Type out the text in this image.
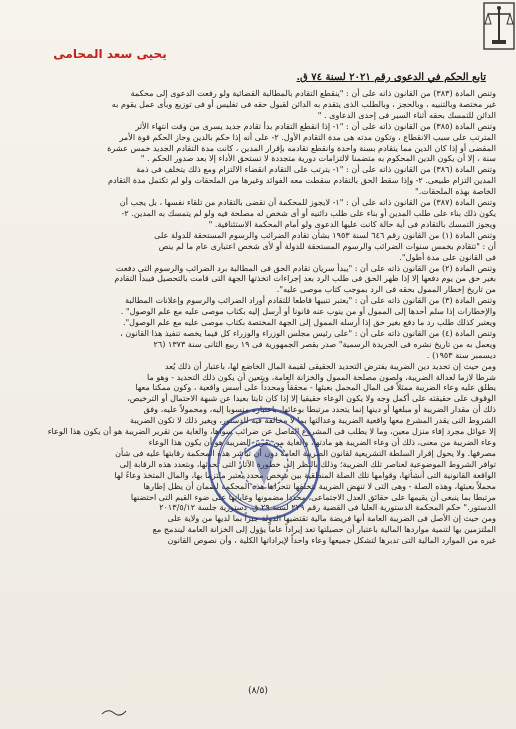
يحيى سعد المحامى
تابع الحكم في الدعوى رقم ٢٠٢١ لسنة ٧٤ ق.
وتنص المادة (٣٨٣) من القانون ذاته على أن : "ينقطع التقادم بالمطالبة القضائية ولو رفعت الدعوى إلى محكمة
غير مختصة وبالتنبيه ، وبالحجز ، وبالطلب الذى يتقدم به الدائن لقبول حقه فى تفليس أو فى توزيع وبأى عمل يقوم به
الدائن للتمسك بحقه أثناء السير فى إحدى الدعاوى . "
وتنص المادة (٣٨٥) من القانون ذاته على أن : "١- إذا انقطع التقادم بدأ تقادم جديد يسرى من وقت انتهاء الأثر
المترتب على سبب الانقطاع ، وتكون مدته هى مدة التقادم الأول. ٢- على أنه إذا حكم بالدين وحاز الحكم قوة الأمر
المقضى أو إذا كان الدين مما يتقادم بسنة واحدة وانقطع تقادمه بإقرار المدين ، كانت مدة التقادم الجديد خمس عشرة
سنة ، إلا أن يكون الدين المحكوم به متضمنا لالتزامات دورية متجددة لا تستحق الأداء إلا بعد صدور الحكم . "
وتنص المادة (٣٨٦) من القانون ذاته على أن : "١- يترتب على التقادم انقضاء الالتزام ومع ذلك يتخلف فى ذمة
المدين التزام طبيعى. ٢- وإذا سقط الحق بالتقادم سقطت معه الفوائد وغيرها من الملحقات ولو لم تكتمل مدة التقادم
الخاصة بهذه الملحقات."
وتنص المادة (٣٨٧) من القانون ذاته على أن : "١- لايجوز للمحكمة أن تقضى بالتقادم من تلقاء نفسها ، بل يجب أن
يكون ذلك بناء على طلب المدين أو بناء على طلب دائنيه أو أى شخص له مصلحة فيه ولو لم يتمسك به المدين. ٢-
ويجوز التمسك بالتقادم فى أية حالة كانت عليها الدعوى ولو أمام المحكمة الاستئنافية. "
وتنص المادة (١) من القانون رقم ٦٤٦ لسنة ١٩٥٣ بشأن تقادم الضرائب والرسوم المستحقة للدولة على
أن : "تتقادم بخمس سنوات الضرائب والرسوم المستحقة للدولة أو لأى شخص اعتبارى عام ما لم ينص
فى القانون على مدة أطول".
وتنص المادة (٢) من القانون ذاته على أن : "يبدأ سريان تقادم الحق فى المطالبة برد الضرائب والرسوم التى دفعت
بغير حق من يوم دفعها إلا إذا ظهر الحق فى طلب الرد بعد إجراءات اتخذتها الجهة التى قامت بالتحصيل فيبدأ التقادم
من تاريخ إخطار الممول بحقه فى الرد بموجب كتاب موصى عليه".
وتنص المادة (٣) من القانون ذاته على أن : "يعتبر تنبيها قاطعا للتقادم أوراد الضرائب والرسوم وإعلانات المطالبة
والإخطارات إذا سلم أحدها إلى الممول أو من ينوب عنه قانونا أو أرسل إليه بكتاب موصى عليه مع علم الوصول" .
ويعتبر كذلك طلب رد ما دفع بغير حق إذا أرسله الممول إلى الجهة المختصة بكتاب موصى عليه مع علم الوصول".
وتنص المادة (٤) من القانون ذاته على أن : "على رئيس مجلس الوزراء والوزراء كل فيما يخصه تنفيذ هذا القانون ،
ويعمل به من تاريخ نشره فى الجريدة الرسمية" صدر بقصر الجمهورية فى ١٩ ربيع الثانى سنة ١٣٧٣ (٢٦
ديسمبر سنة ١٩٥٣) .
ومن حيث إن تحديد دين الضريبة يفترض التحديد الحقيقى لقيمة المال الخاضع لها، باعتبار أن ذلك يُعد
شرطا لازما لعدالة الضريبة، ولصون مصلحة الممول والخزانة العامة، ويتعين أن يكون ذلك التحديد - وهو ما
يطلق عليه وعاء الضريبة ممثلاً فى المال المحمل بعبئها - محققاً ومحدداً على أسس واقعية ، وكون ممكنا معها
الوقوف على حقيقته على أكمل وجه ولا يكون الوعاء حقيقيا إلا إذا كان ثابتا بعيدا عن شبهة الاحتمال أو الترخيص،
ذلك أن مقدار الضريبة أو مبلغها أو دينها إنما يتحدد مرتبطا بوعائها، باعتباره منسوبا إليه، ومحمولاً عليه، وفق
الشروط التى يقدر المشرع معها واقعية الضريبة وعدالتها بما لا مخالفة فيه للدستور، ويغير ذلك لا تكون الضريبة
إلا عوائل مجرد إفاء منزل معين، وما لا يطلب فى المشروع الفاصل عن ضرائب سواها، والغاية من تقرير الضريبة هو أن يكون هذا الوعاء
وعاء الضريبة من معنى، ذلك أن وعاء الضريبة هو مادتها، والغاية من تقرير الضريبة هو أن يكون هذا الوعاء
مصرفها. ولا يحول إقرار السلطة التشريعية لقانون الضريبة العامة تباشر هذه المحكمة رقابتها عليه فى شأن
توافر الشروط الموضوعية لعناصر تلك الضريبة؛ وذلك بالنظر إلى الآثار التى تحدثها، وبتعدد هذه الرقابة إلى
الواقعة القانونية التى أنشأتها، وقوامها تلك الصلة المنطقية بين شخص محدد يعتبر ملتزما بها، والمال المتخذ وعاءً لها
محملاً بعبئها، وهذه الصلة - وهى التى لا تنهض الضريبة بتخلفها تتحراها هذه المحكمة لضمان أن يظل إطارها
مرتبطا بما ينبغى أن يقيمها على حقائق العدل الاجتماعى، محددا مضمونها وغاياتها على ضوء القيم التى احتضنها
الدستور." حكم المحكمة الدستورية العليا فى القضية رقم ٢٢٩ لسنة ٢٩ ق. دستورية جلسة ٢٠١٣/٥/١٢
ومن حيث إن الأصل فى الضريبة العامة أنها فريضة مالية تقتضيها الدولة جبراً بما لديها من ولاية على
الملتزمين بها لتنمية مواردها المالية باعتبار أن حصيلتها تعد إيراداً عاماً يؤول إلى الخزانة العامة ليندمج مع
غيره من الموارد المالية التى تدبرها لتشكل جميعها وعاء واحداً لإيراداتها الكلية ، وأن نصوص القانون
(٨/٥)
